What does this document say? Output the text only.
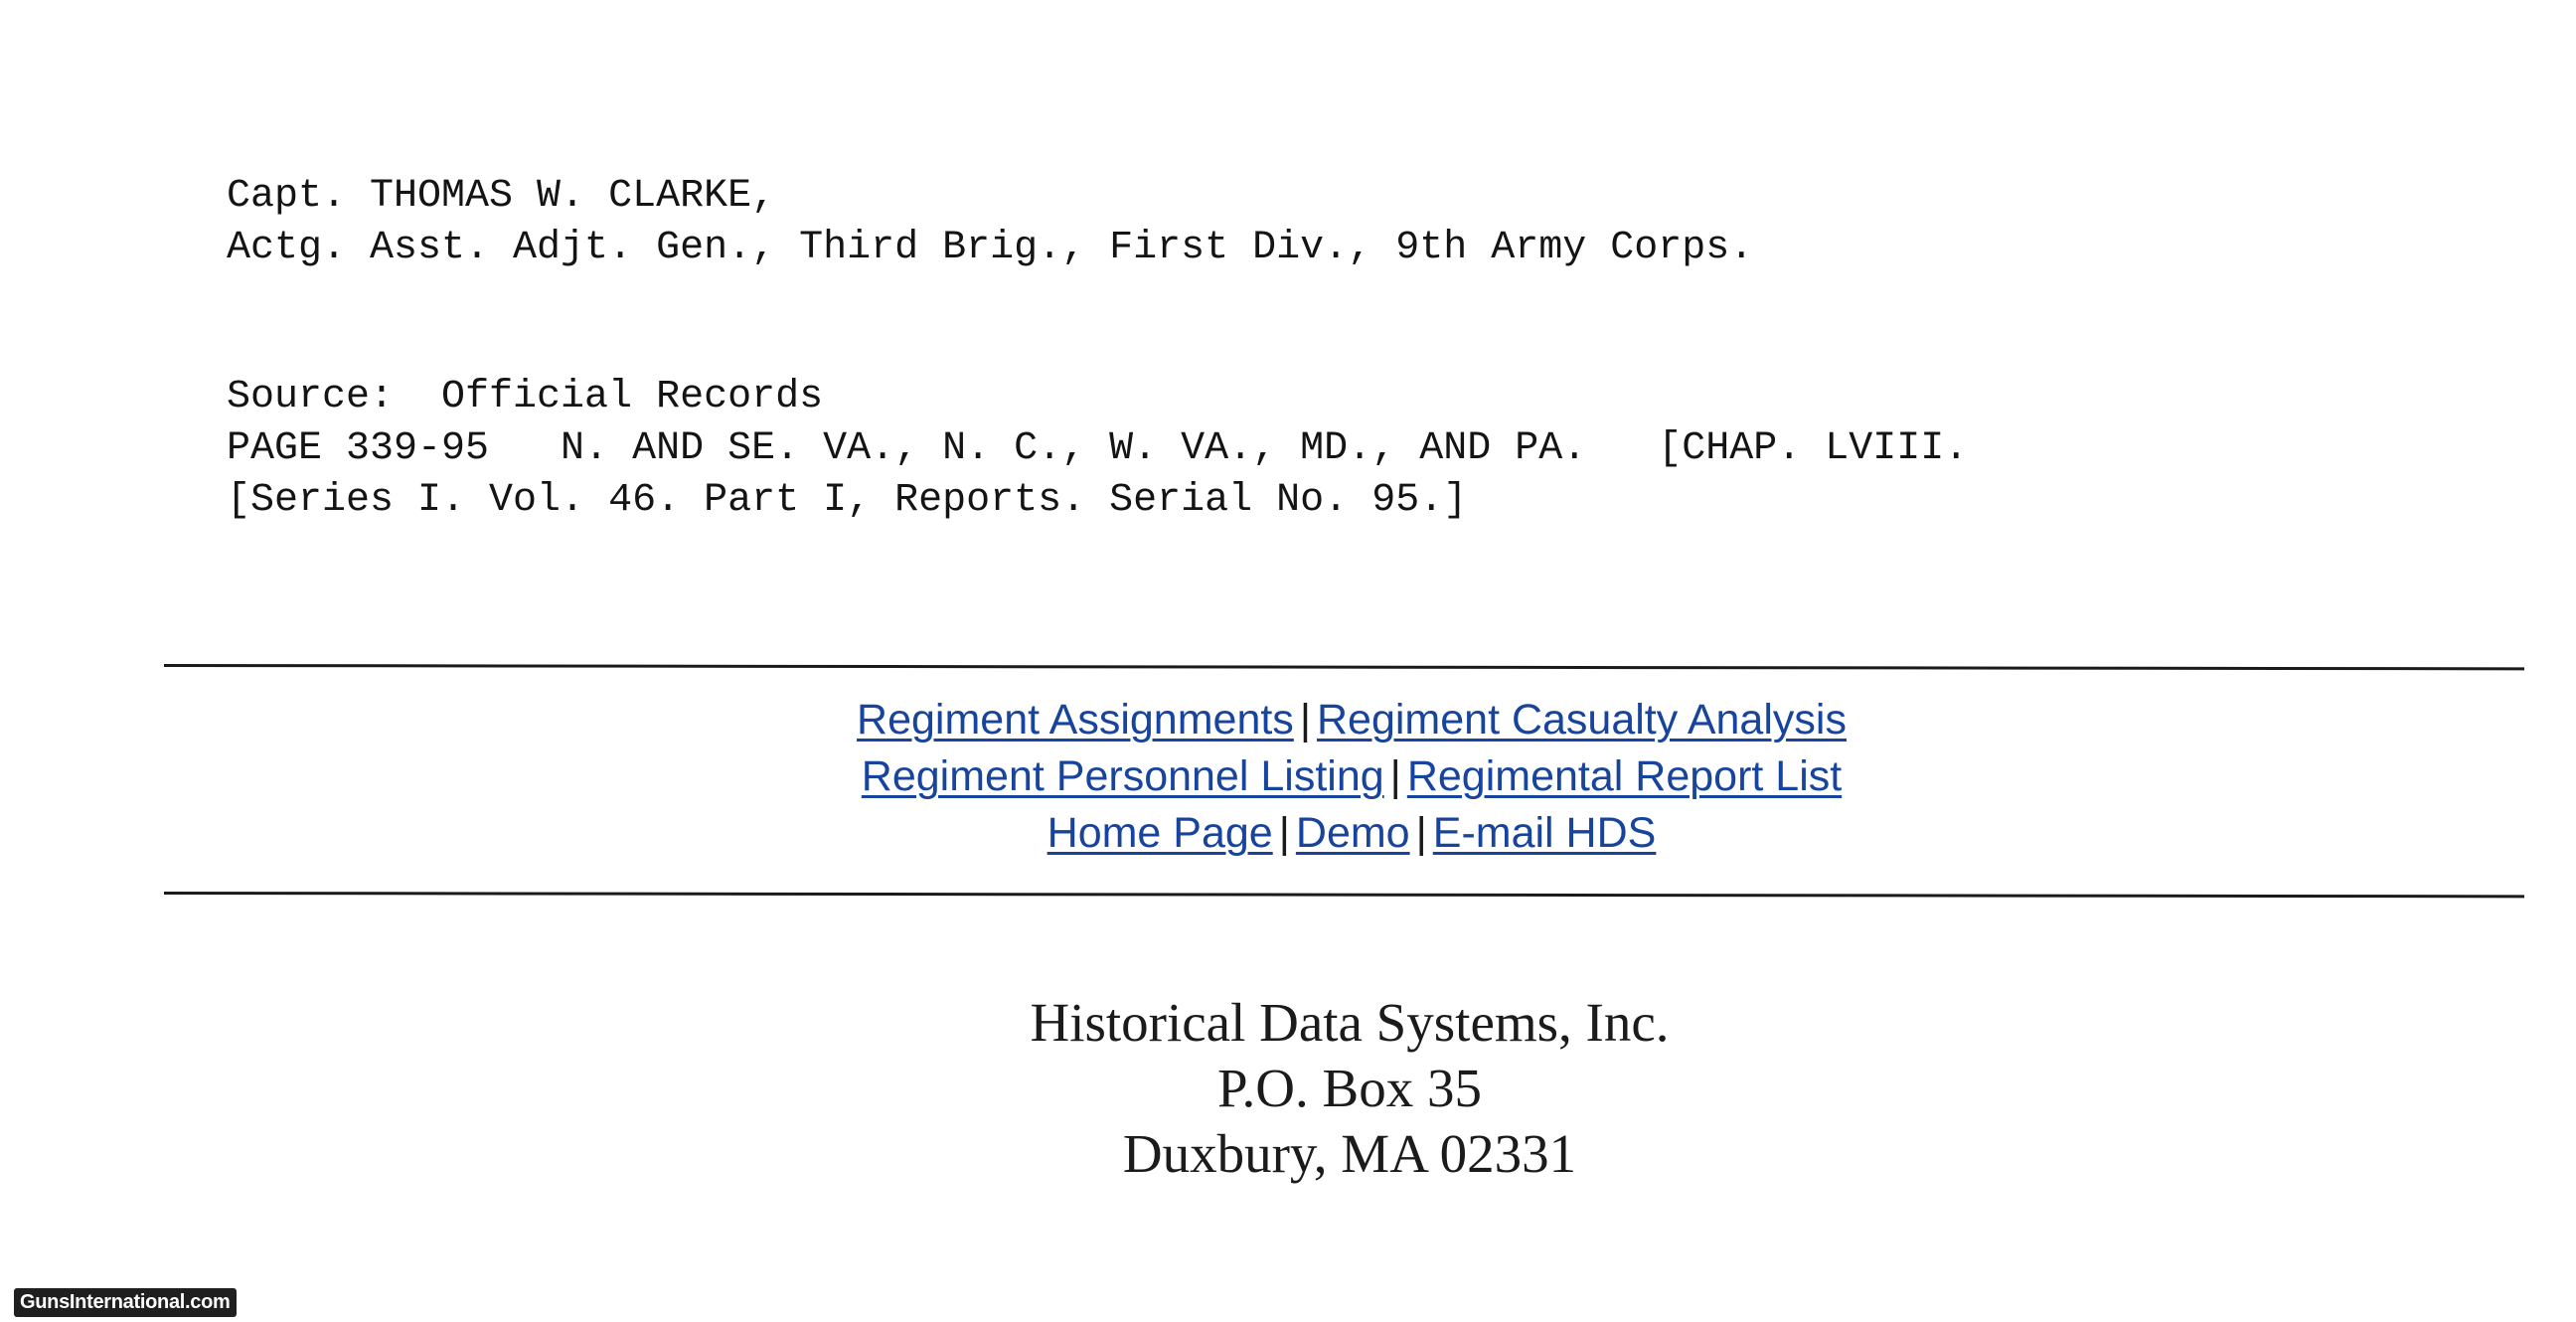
Capt. THOMAS W. CLARKE,
Actg. Asst. Adjt. Gen., Third Brig., First Div., 9th Army Corps.
Source:  Official Records
PAGE 339-95   N. AND SE. VA., N. C., W. VA., MD., AND PA.   [CHAP. LVIII.
[Series I. Vol. 46. Part I, Reports. Serial No. 95.]
Regiment Assignments | Regiment Casualty Analysis
Regiment Personnel Listing | Regimental Report List
Home Page | Demo | E-mail HDS
Historical Data Systems, Inc.
P.O. Box 35
Duxbury, MA 02331
GunsInternational.com
